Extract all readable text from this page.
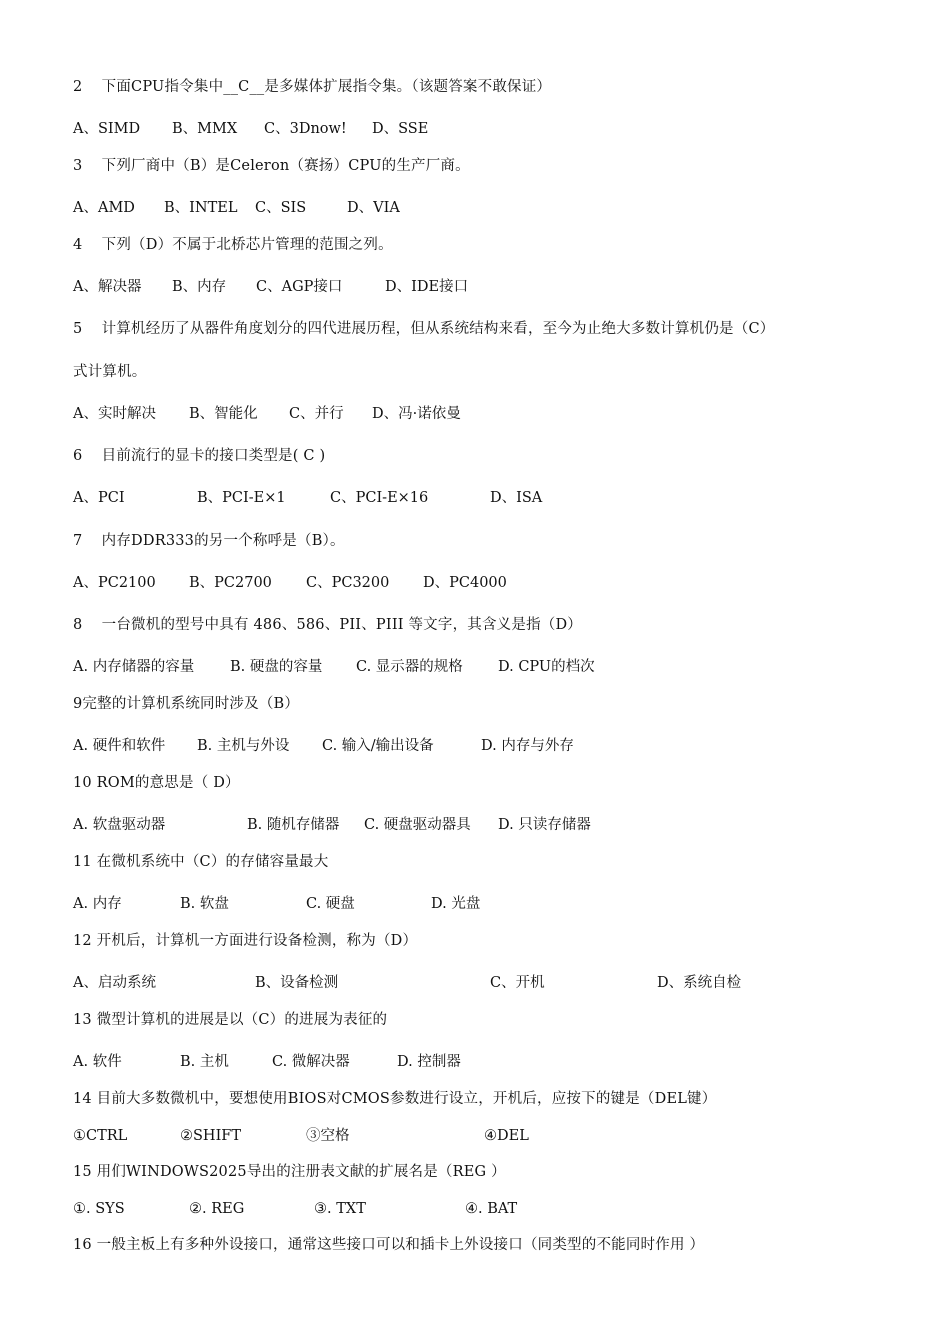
2    下面CPU指令集中__C__是多媒体扩展指令集。（该题答案不敢保证）

A、SIMD

B、MMX

C、3Dnow!

D、SSE

3    下列厂商中（B）是Celeron（赛扬）CPU的生产厂商。

A、AMD

B、INTEL

C、SIS

	D、VIA

4    下列（D）不属于北桥芯片管理的范围之列。

A、解决器

B、内存

C、AGP接口

	D、IDE接口

5    计算机经历了从器件角度划分的四代进展历程，但从系统结构来看，至今为止绝大多数计算机仍是（C）
式计算机。

A、实时解决

B、智能化

C、并行

D、冯·诺依曼

6    目前流行的显卡的接口类型是( C )

A、PCI

	B、PCI-E×1

	C、PCI-E×16

	D、ISA

7    内存DDR333的另一个称呼是（B）。

A、PC2100

B、PC2700

C、PC3200

D、PC4000

8    一台微机的型号中具有 486、586、PII、PIII 等文字，其含义是指（D）

A. 内存储器的容量

B. 硬盘的容量

C. 显示器的规格

D. CPU的档次

9完整的计算机系统同时涉及（B）

A. 硬件和软件

B. 主机与外设

C. 输入/输出设备

	D. 内存与外存

10 ROM的意思是（ D）

A. 软盘驱动器

	B. 随机存储器

C. 硬盘驱动器具

D. 只读存储器

11 在微机系统中（C）的存储容量最大

A. 内存

	B. 软盘

	C. 硬盘

	D. 光盘

12 开机后，计算机一方面进行设备检测，称为（D）

A、启动系统

	B、设备检测

	C、开机

	D、系统自检

13 微型计算机的进展是以（C）的进展为表征的

A. 软件

	B. 主机

	C. 微解决器

	D. 控制器

14 目前大多数微机中，要想使用BIOS对CMOS参数进行设立，开机后，应按下的键是（DEL键）

①CTRL

	②SHIFT

	③空格

	④DEL

15 用们WINDOWS2025导出的注册表文献的扩展名是（REG ）

①. SYS

	②. REG

	③. TXT

	④. BAT

16 一般主板上有多种外设接口，通常这些接口可以和插卡上外设接口（同类型的不能同时作用 ）
